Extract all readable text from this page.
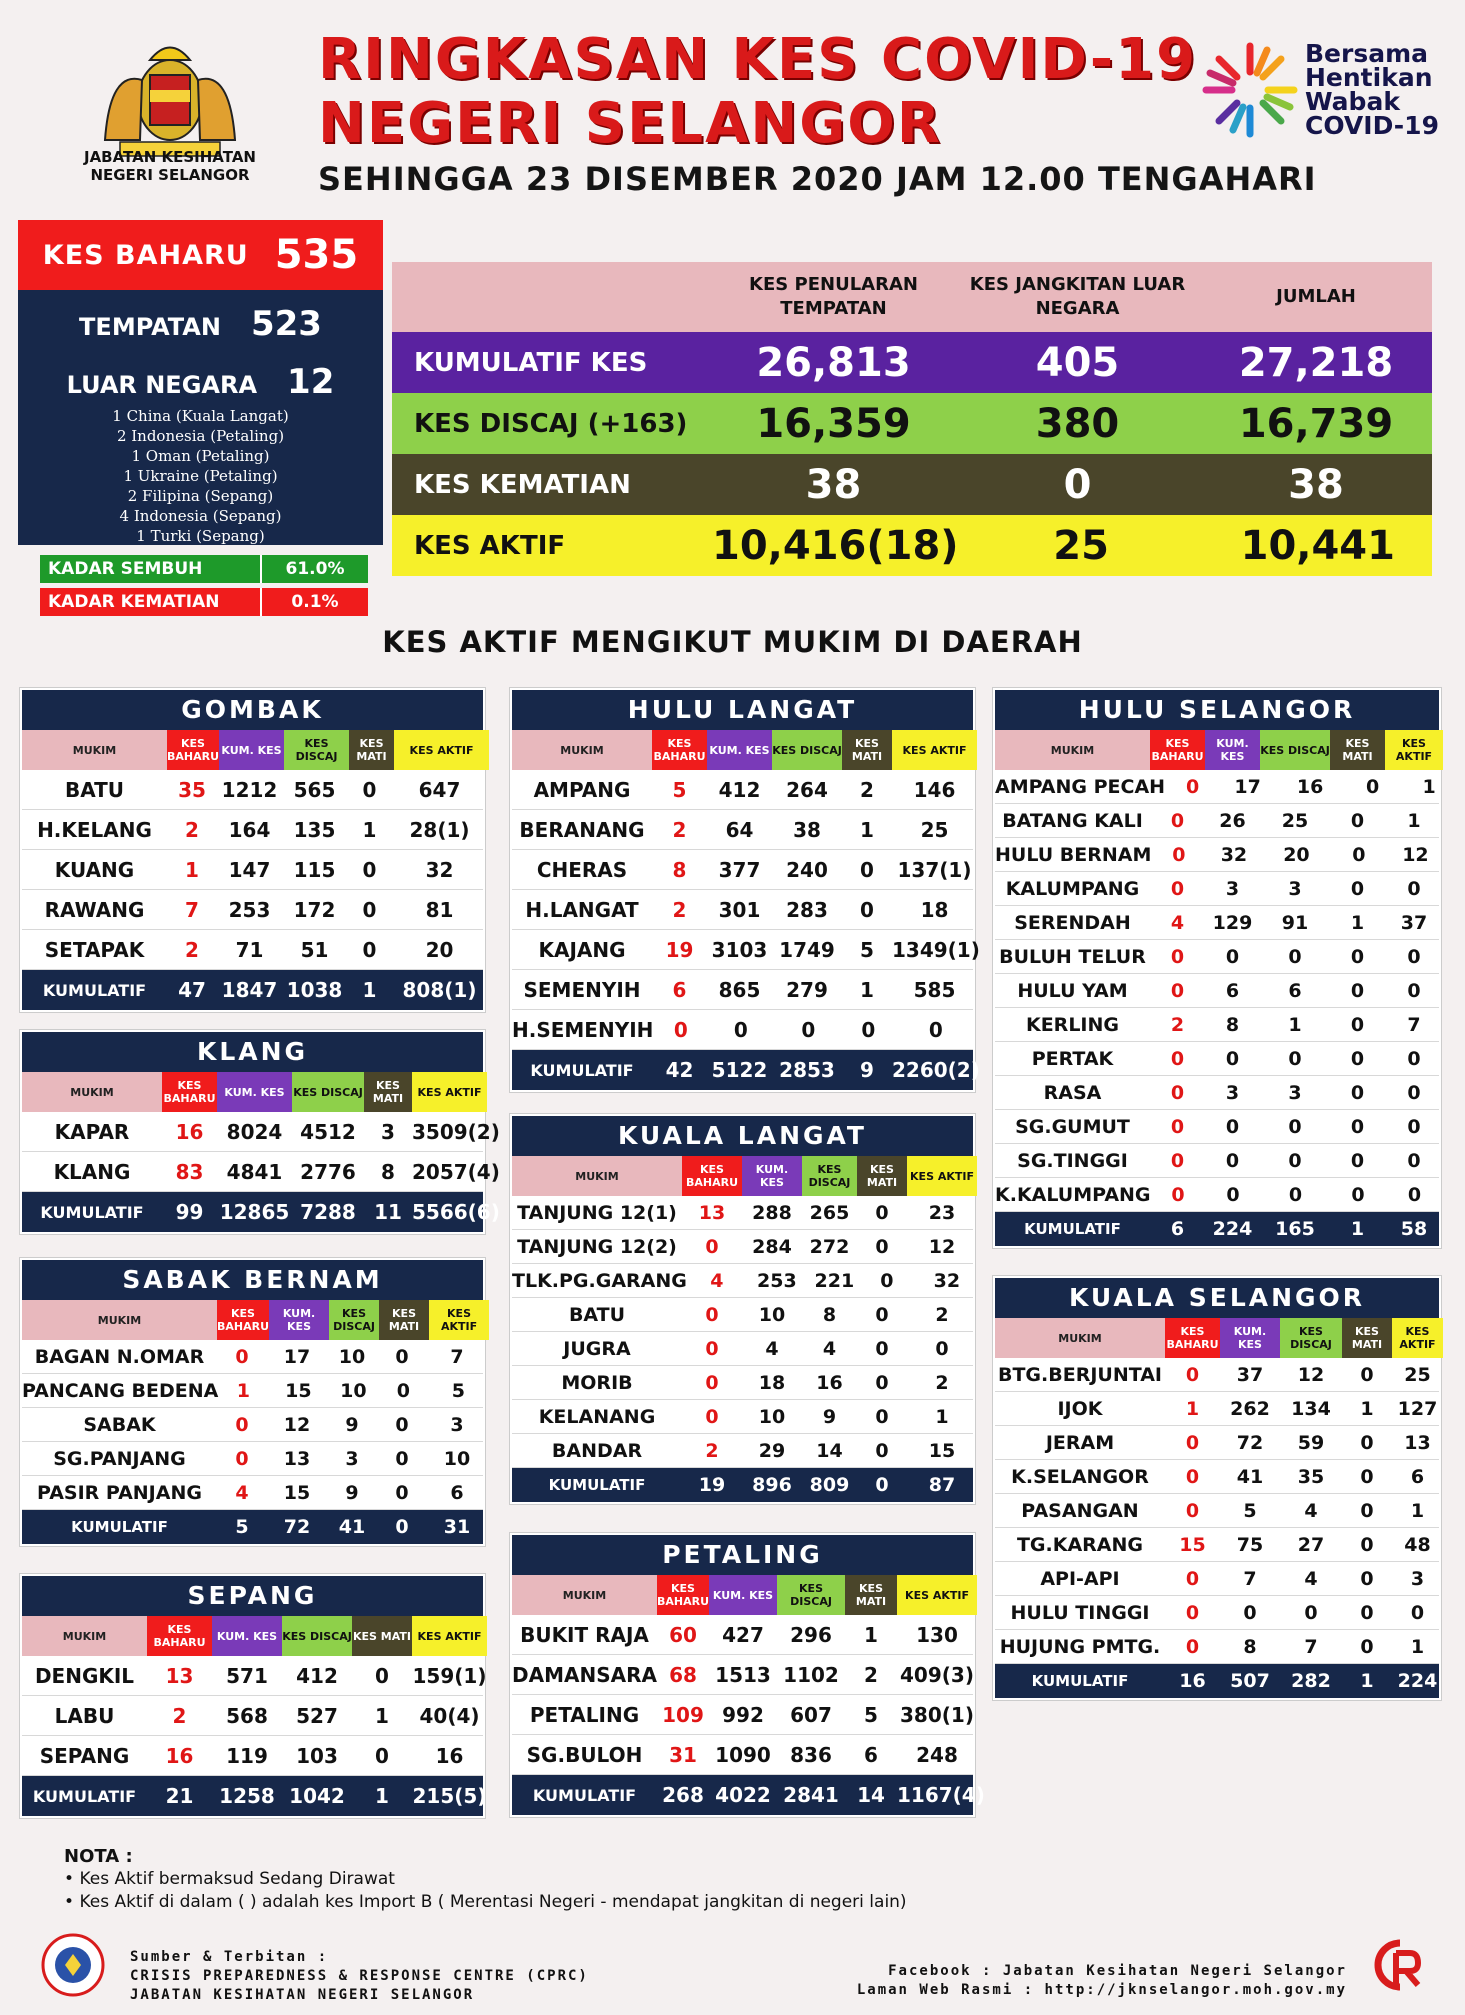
JABATAN KESIHATAN
NEGERI SELANGOR
RINGKASAN KES COVID-19
NEGERI SELANGOR
SEHINGGA 23 DISEMBER 2020 JAM 12.00 TENGAHARI
Bersama
Hentikan
Wabak
COVID-19
KES BAHARU 535
TEMPATAN 523
LUAR NEGARA 12
1 China (Kuala Langat)
2 Indonesia (Petaling)
1 Oman (Petaling)
1 Ukraine (Petaling)
2 Filipina (Sepang)
4 Indonesia (Sepang)
1 Turki (Sepang)
KADAR SEMBUH	61.0%
KADAR KEMATIAN	0.1%
KES PENULARAN TEMPATAN
KES JANGKITAN LUAR NEGARA
JUMLAH
KUMULATIF KES	26,813	405	27,218
KES DISCAJ (+163)	16,359	380	16,739
KES KEMATIAN	38	0	38
KES AKTIF	10,416(18)	25	10,441
KES AKTIF MENGIKUT MUKIM DI DAERAH
GOMBAK
MUKIM	KES BAHARU KUM. KES	KES DISCAJ
KES MATI	KES AKTIF
BATU	35 1212 565	0	647
H.KELANG	2	164	135	1	28(1)
KUANG	1	147	115	0	32
RAWANG	7	253	172	0	81
SETAPAK	2	71	51	0	20
KUMULATIF	47 1847 1038	1	808(1)
KLANG
MUKIM	KES BAHARU KUM. KES KES DISCAJ	KES MATI	KES AKTIF
KAPAR	16	8024 4512	3 3509(2)
KLANG	83	4841 2776	8 2057(4)
KUMULATIF	99 12865 7288 11 5566(6)
SABAK BERNAM
MUKIM	KES BAHARU
KUM. KES
KES DISCAJ
KES MATI
KES AKTIF
BAGAN N.OMAR	0	17	10	0	7
PANCANG BEDENA 1	15	10	0	5
SABAK	0	12	9	0	3
SG.PANJANG	0	13	3	0	10
PASIR PANJANG	4	15	9	0	6
KUMULATIF	5	72	41	0	31
SEPANG
MUKIM	KES BAHARU	KUM. KES KES DISCAJ KES MATI KES AKTIF
DENGKIL	13	571	412	0	159(1)
LABU	2	568	527	1	40(4)
SEPANG	16	119	103	0	16
KUMULATIF	21	1258 1042	1	215(5)
HULU LANGAT
MUKIM	KES BAHARU KUM. KES KES DISCAJ	KES MATI	KES AKTIF
AMPANG	5	412	264	2	146
BERANANG	2	64	38	1	25
CHERAS	8	377	240	0	137(1)
H.LANGAT	2	301	283	0	18
KAJANG	19 3103 1749	5 1349(1)
SEMENYIH	6	865	279	1	585
H.SEMENYIH	0	0	0	0	0
KUMULATIF	42 5122 2853	9 2260(2)
KUALA LANGAT
MUKIM	KES BAHARU
KUM. KES
KES DISCAJ
KES MATI	KES AKTIF
TANJUNG 12(1)	13	288 265	0	23
TANJUNG 12(2)	0	284 272	0	12
TLK.PG.GARANG	4	253 221	0	32
BATU	0	10	8	0	2
JUGRA	0	4	4	0	0
MORIB	0	18	16	0	2
KELANANG	0	10	9	0	1
BANDAR	2	29	14	0	15
KUMULATIF	19	896 809	0	87
PETALING
MUKIM	KES BAHARU KUM. KES	KES DISCAJ
KES MATI	KES AKTIF
BUKIT RAJA	60	427	296	1	130
DAMANSARA 68 1513 1102	2	409(3)
PETALING	109 992	607	5	380(1)
SG.BULOH	31 1090 836	6	248
KUMULATIF	268 4022 2841 14 1167(4)
HULU SELANGOR
MUKIM	KES BAHARU
KUM. KES	KES DISCAJ	KES MATI
KES AKTIF
AMPANG PECAH	0	17	16	0	1
BATANG KALI	0	26	25	0	1
HULU BERNAM	0	32	20	0	12
KALUMPANG	0	3	3	0	0
SERENDAH	4	129	91	1	37
BULUH TELUR	0	0	0	0	0
HULU YAM	0	6	6	0	0
KERLING	2	8	1	0	7
PERTAK	0	0	0	0	0
RASA	0	3	3	0	0
SG.GUMUT	0	0	0	0	0
SG.TINGGI	0	0	0	0	0
K.KALUMPANG	0	0	0	0	0
KUMULATIF	6	224	165	1	58
KUALA SELANGOR
MUKIM	KES BAHARU
KUM. KES
KES DISCAJ
KES MATI
KES AKTIF
BTG.BERJUNTAI	0	37	12	0	25
IJOK	1	262	134	1	127
JERAM	0	72	59	0	13
K.SELANGOR	0	41	35	0	6
PASANGAN	0	5	4	0	1
TG.KARANG	15	75	27	0	48
API-API	0	7	4	0	3
HULU TINGGI	0	0	0	0	0
HUJUNG PMTG.	0	8	7	0	1
KUMULATIF	16	507	282	1	224
NOTA :
• Kes Aktif bermaksud Sedang Dirawat
• Kes Aktif di dalam ( ) adalah kes Import B ( Merentasi Negeri - mendapat jangkitan di negeri lain)
Sumber & Terbitan :
CRISIS PREPAREDNESS & RESPONSE CENTRE (CPRC)
JABATAN KESIHATAN NEGERI SELANGOR
Facebook : Jabatan Kesihatan Negeri Selangor
Laman Web Rasmi : http://jknselangor.moh.gov.my
